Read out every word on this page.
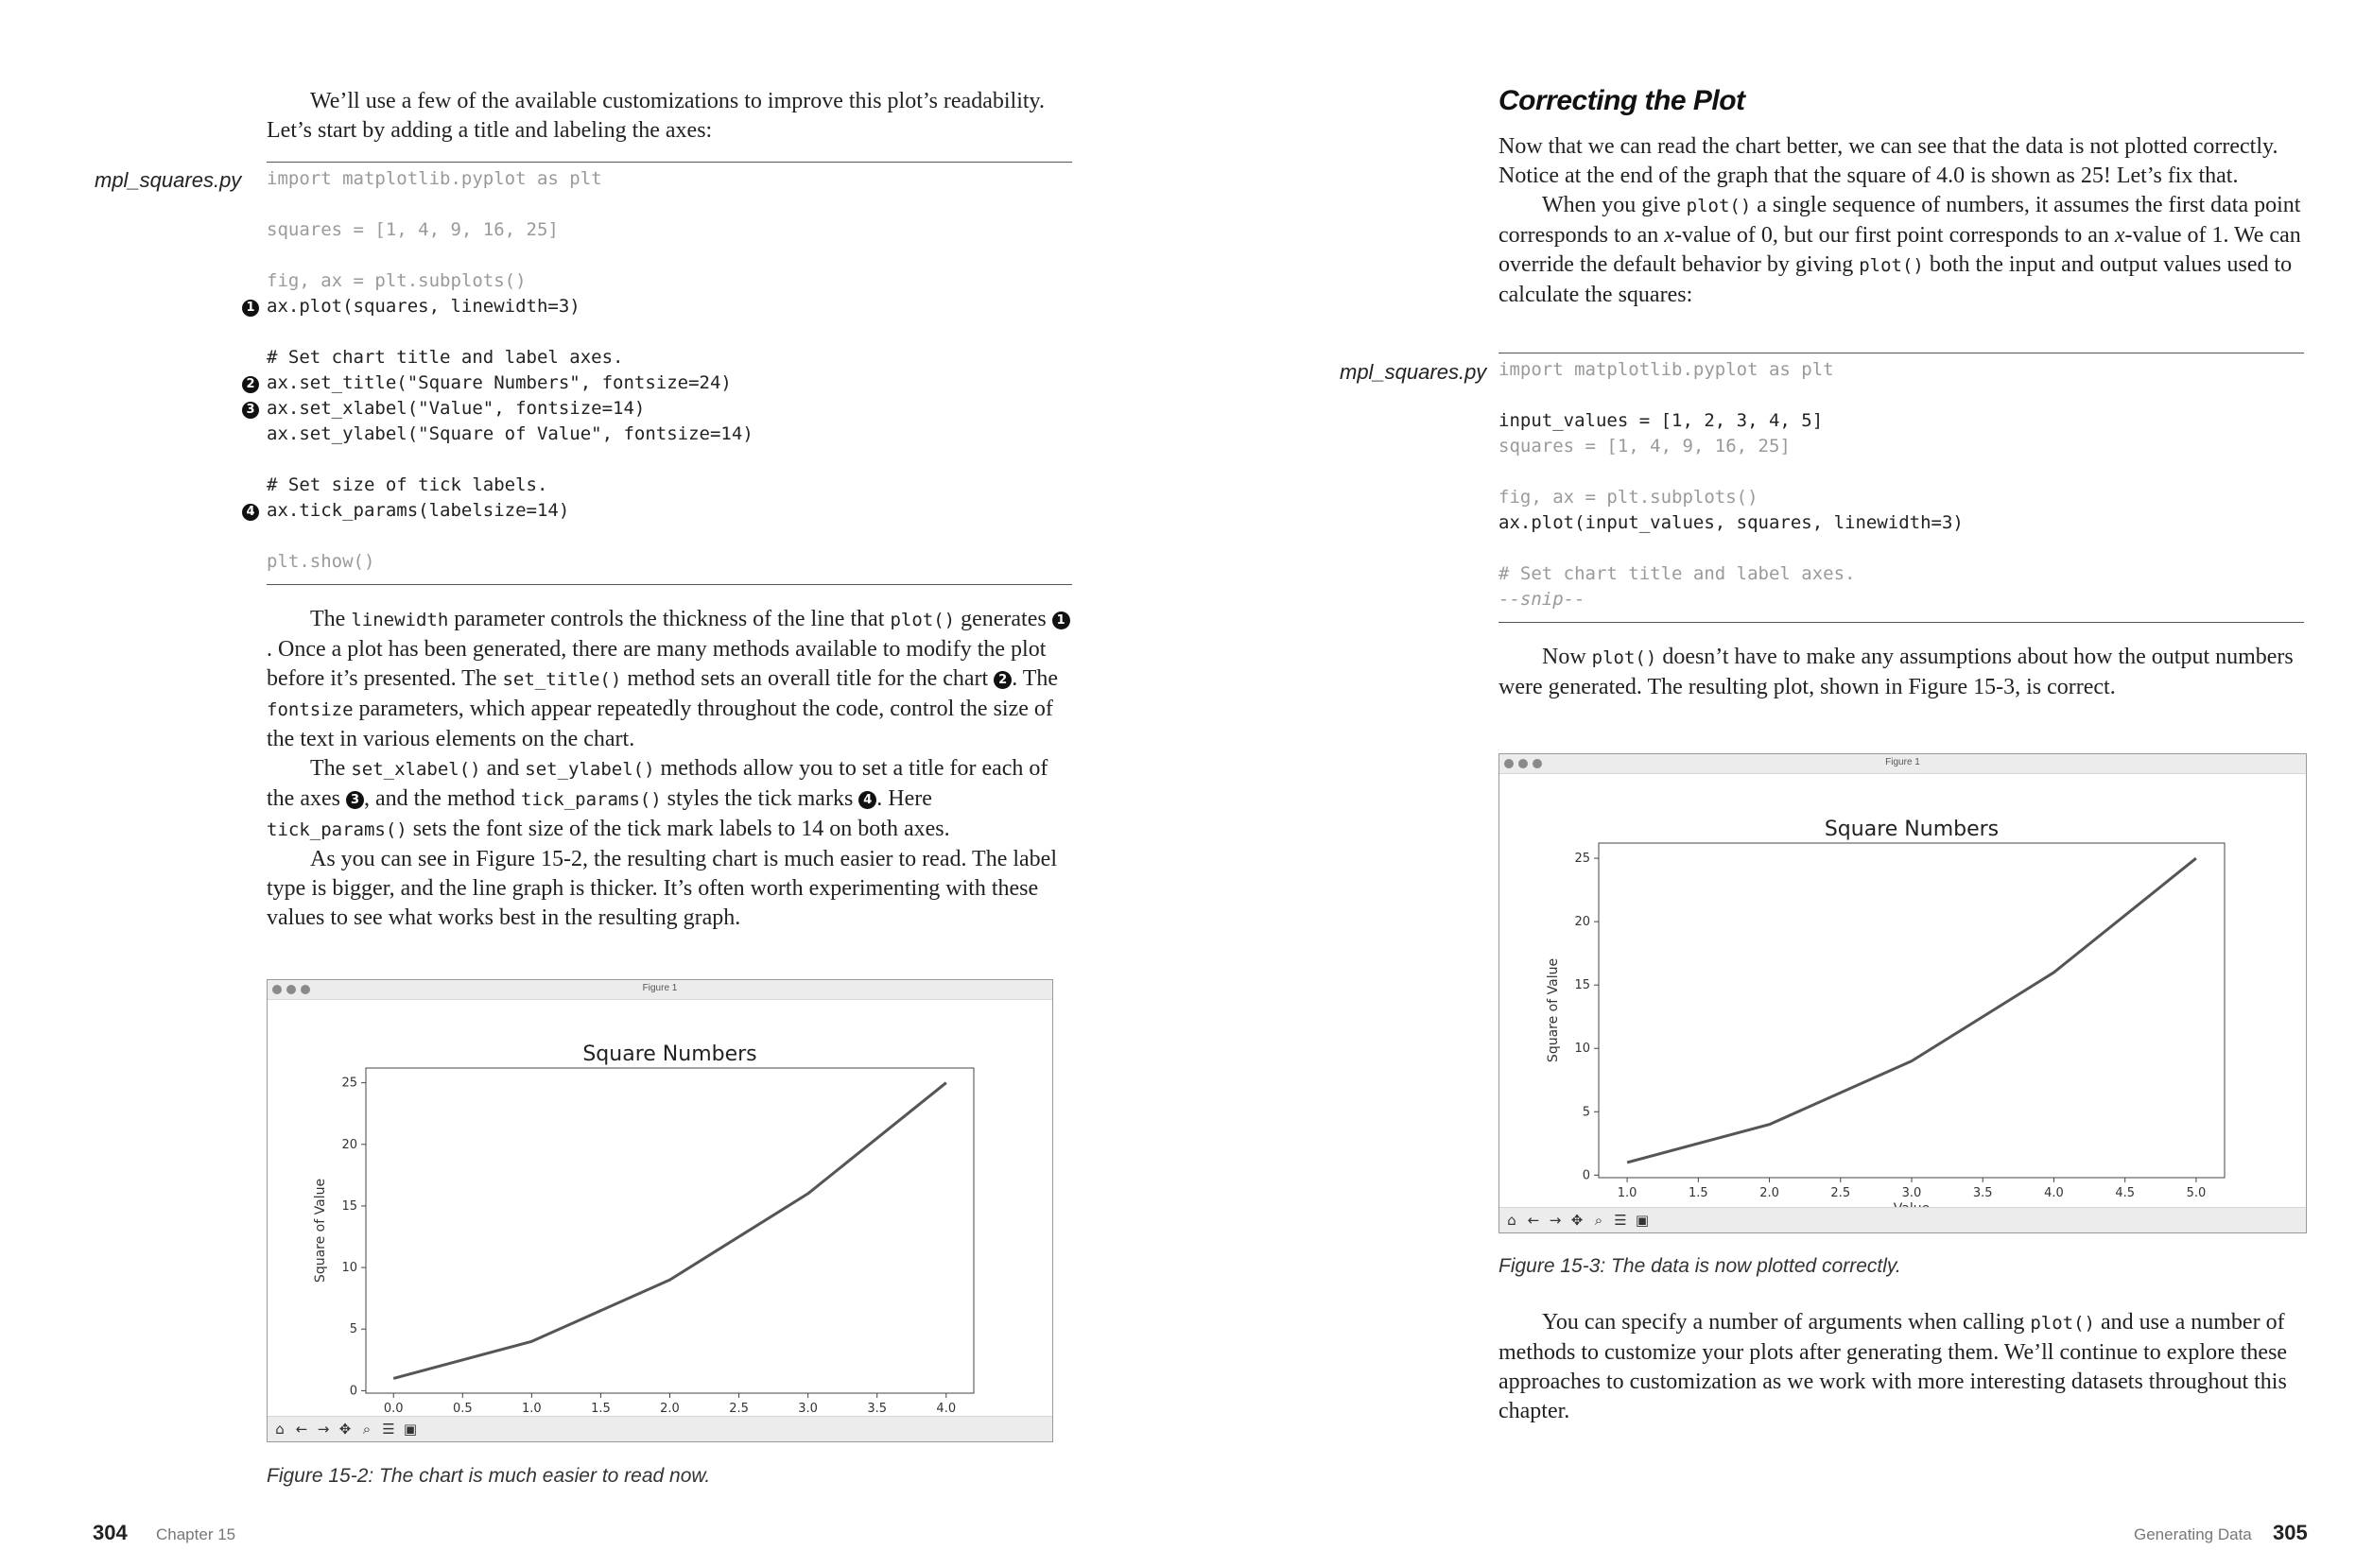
We’ll use a few of the available customizations to improve this plot’s readability. Let’s start by adding a title and labeling the axes:

mpl_squares.py import matplotlib.pyplot as plt
squares = [1, 4, 9, 16, 25]
fig, ax = plt.subplots()
1 ax.plot(squares, linewidth=3)
# Set chart title and label axes.
2 ax.set_title("Square Numbers", fontsize=24)
3 ax.set_xlabel("Value", fontsize=14)
ax.set_ylabel("Square of Value", fontsize=14)
# Set size of tick labels.
4 ax.tick_params(labelsize=14)
plt.show()

The linewidth parameter controls the thickness of the line that plot() generates 1. Once a plot has been generated, there are many methods available to modify the plot before it’s presented. The set_title() method sets an overall title for the chart 2 . The fontsize parameters, which appear repeatedly throughout the code, control the size of the text in various elements on the chart.

The set_xlabel() and set_ylabel() methods allow you to set a title for each of the axes 3 , and the method tick_params() styles the tick marks 4 . Here tick_params() sets the font size of the tick mark labels to 14 on both axes.

As you can see in Figure 15-2, the resulting chart is much easier to read. The label type is bigger, and the line graph is thicker. It’s often worth experimenting with these values to see what works best in the resulting graph.

Figure 1
Square Numbers
0.0	0.5	1.0	1.5	2.0	2.5	3.0	3.5	4.0
0
5
10
15
20
25
Square of Value
⌂ ← → ✥ ⌕ ☰ ▣
Figure 15-2: The chart is much easier to read now.
304 Chapter 15
Correcting the Plot

Now that we can read the chart better, we can see that the data is not plotted correctly. Notice at the end of the graph that the square of 4.0 is shown as 25! Let’s fix that.

When you give plot() a single sequence of numbers, it assumes the first data point corresponds to an x-value of 0, but our first point corresponds to an x-value of 1. We can override the default behavior by giving plot() both the input and output values used to calculate the squares:

mpl_squares.py import matplotlib.pyplot as plt
input_values = [1, 2, 3, 4, 5]
squares = [1, 4, 9, 16, 25]
fig, ax = plt.subplots()
ax.plot(input_values, squares, linewidth=3)
# Set chart title and label axes.
--snip--

Now plot() doesn’t have to make any assumptions about how the output numbers were generated. The resulting plot, shown in Figure 15-3, is correct.

Figure 1
Square Numbers
1.0	1.5	2.0	2.5	3.0	3.5	4.0	4.5	5.0
0
5
10
15
20
25
Square of Value
⌂ ← → ✥ ⌕ ☰ ▣
Figure 15-3: The data is now plotted correctly.

You can specify a number of arguments when calling plot() and use a number of methods to customize your plots after generating them. We’ll continue to explore these approaches to customization as we work with more interesting datasets throughout this chapter.

Generating Data 305
